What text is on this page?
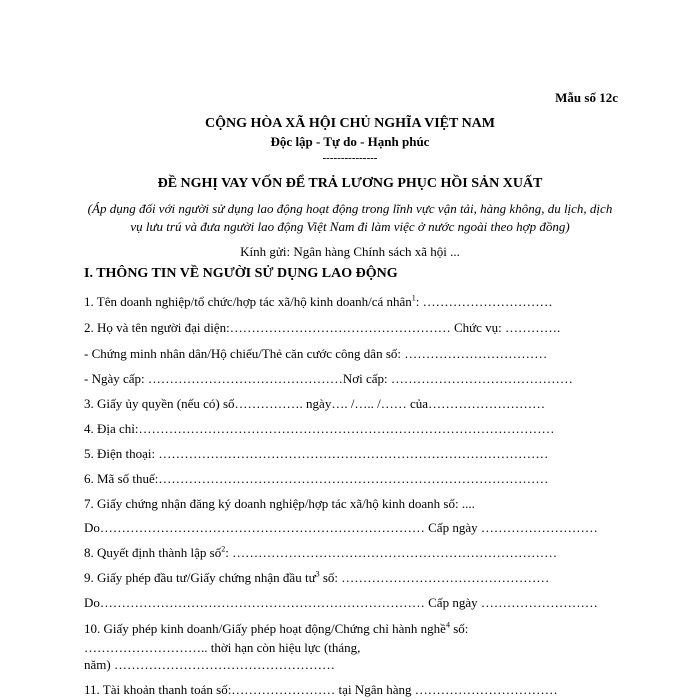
Mẫu số 12c
CỘNG HÒA XÃ HỘI CHỦ NGHĨA VIỆT NAM
Độc lập - Tự do - Hạnh phúc
---------------
ĐỀ NGHỊ VAY VỐN ĐỂ TRẢ LƯƠNG PHỤC HỒI SẢN XUẤT
(Áp dụng đối với người sử dụng lao động hoạt động trong lĩnh vực vận tải, hàng không, du lịch, dịch vụ lưu trú và đưa người lao động Việt Nam đi làm việc ở nước ngoài theo hợp đồng)
Kính gửi: Ngân hàng Chính sách xã hội ...
I. THÔNG TIN VỀ NGƯỜI SỬ DỤNG LAO ĐỘNG
1. Tên doanh nghiệp/tổ chức/hợp tác xã/hộ kinh doanh/cá nhân$^1$: …………………………
2. Họ và tên người đại diện:…………………………………………… Chức vụ: ………….
- Chứng minh nhân dân/Hộ chiếu/Thẻ căn cước công dân số: ……………………………
- Ngày cấp: ………………………………………Nơi cấp: ……………………………………
3. Giấy ủy quyền (nếu có) số……………. ngày…. /….. /…… của………………………
4. Địa chỉ:……………………………………………………………………………………
5. Điện thoại: ………………………………………………………………………………
6. Mã số thuế:………………………………………………………………………………
7. Giấy chứng nhận đăng ký doanh nghiệp/hợp tác xã/hộ kinh doanh số: ....
Do………………………………………………………………… Cấp ngày ………………………
8. Quyết định thành lập số$^2$: …………………………………………………………………
9. Giấy phép đầu tư/Giấy chứng nhận đầu $tư^3$ số: …………………………………………
Do………………………………………………………………… Cấp ngày ………………………
10. Giấy phép kinh doanh/Giấy phép hoạt động/Chứng chỉ hành nghề$^4$ số:
……………………….. thời hạn còn hiệu lực (tháng,
năm) ……………………………………………
11. Tài khoản thanh toán số:…………………… tại Ngân hàng ……………………………
